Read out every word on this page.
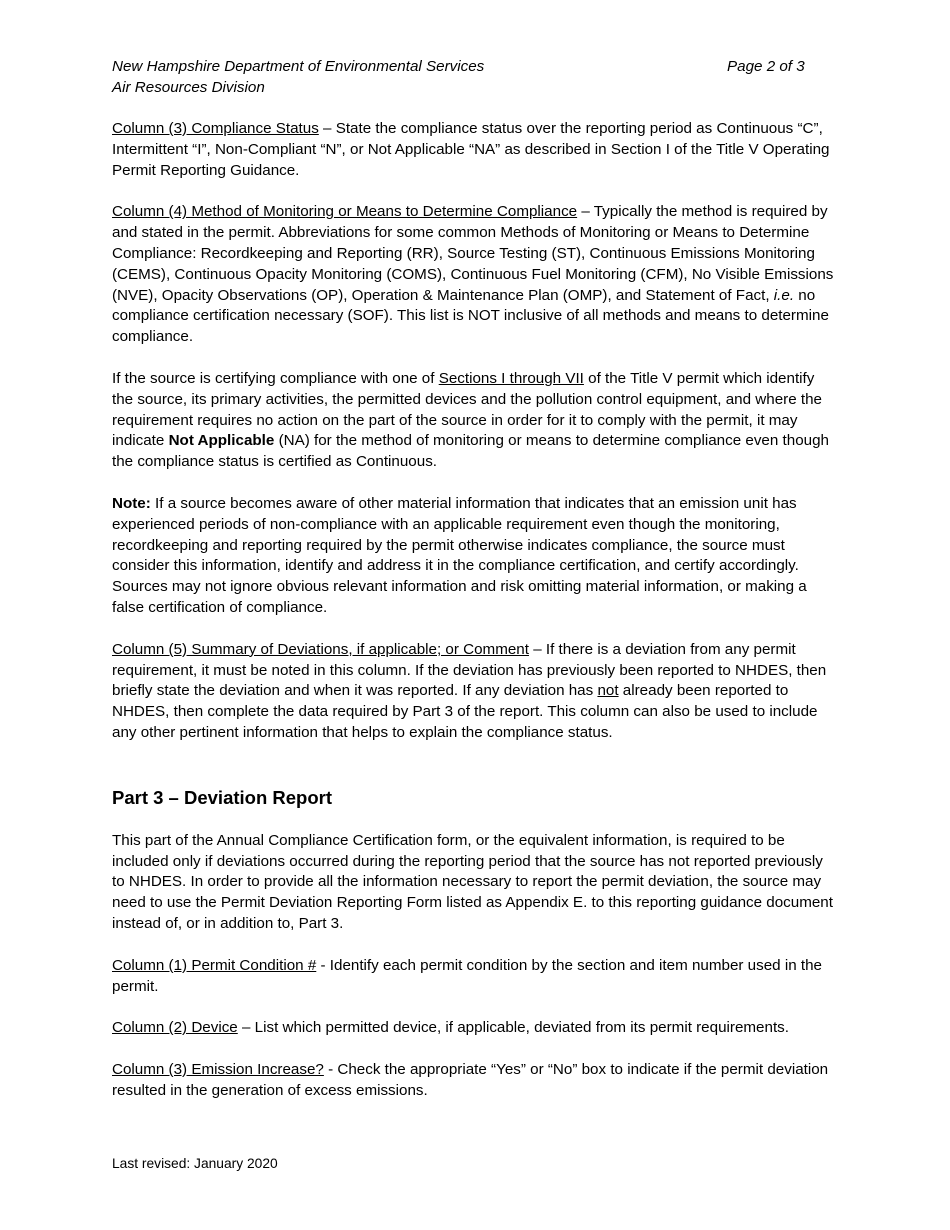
New Hampshire Department of Environmental Services
Air Resources Division
Page 2 of 3

Column (3) Compliance Status – State the compliance status over the reporting period as Continuous “C”, Intermittent “I”, Non-Compliant “N”, or Not Applicable “NA” as described in Section I of the Title V Operating Permit Reporting Guidance.

Column (4) Method of Monitoring or Means to Determine Compliance – Typically the method is required by and stated in the permit. Abbreviations for some common Methods of Monitoring or Means to Determine Compliance: Recordkeeping and Reporting (RR), Source Testing (ST), Continuous Emissions Monitoring (CEMS), Continuous Opacity Monitoring (COMS), Continuous Fuel Monitoring (CFM), No Visible Emissions (NVE), Opacity Observations (OP), Operation & Maintenance Plan (OMP), and Statement of Fact, i.e. no compliance certification necessary (SOF). This list is NOT inclusive of all methods and means to determine compliance.

If the source is certifying compliance with one of Sections I through VII of the Title V permit which identify the source, its primary activities, the permitted devices and the pollution control equipment, and where the requirement requires no action on the part of the source in order for it to comply with the permit, it may indicate Not Applicable (NA) for the method of monitoring or means to determine compliance even though the compliance status is certified as Continuous.

Note: If a source becomes aware of other material information that indicates that an emission unit has experienced periods of non-compliance with an applicable requirement even though the monitoring, recordkeeping and reporting required by the permit otherwise indicates compliance, the source must consider this information, identify and address it in the compliance certification, and certify accordingly. Sources may not ignore obvious relevant information and risk omitting material information, or making a false certification of compliance.

Column (5) Summary of Deviations, if applicable; or Comment – If there is a deviation from any permit requirement, it must be noted in this column. If the deviation has previously been reported to NHDES, then briefly state the deviation and when it was reported. If any deviation has not already been reported to NHDES, then complete the data required by Part 3 of the report. This column can also be used to include any other pertinent information that helps to explain the compliance status.

Part 3 – Deviation Report

This part of the Annual Compliance Certification form, or the equivalent information, is required to be included only if deviations occurred during the reporting period that the source has not reported previously to NHDES. In order to provide all the information necessary to report the permit deviation, the source may need to use the Permit Deviation Reporting Form listed as Appendix E. to this reporting guidance document instead of, or in addition to, Part 3.

Column (1) Permit Condition # - Identify each permit condition by the section and item number used in the permit.

Column (2) Device – List which permitted device, if applicable, deviated from its permit requirements.

Column (3) Emission Increase? - Check the appropriate “Yes” or “No” box to indicate if the permit deviation resulted in the generation of excess emissions.

Last revised: January 2020
